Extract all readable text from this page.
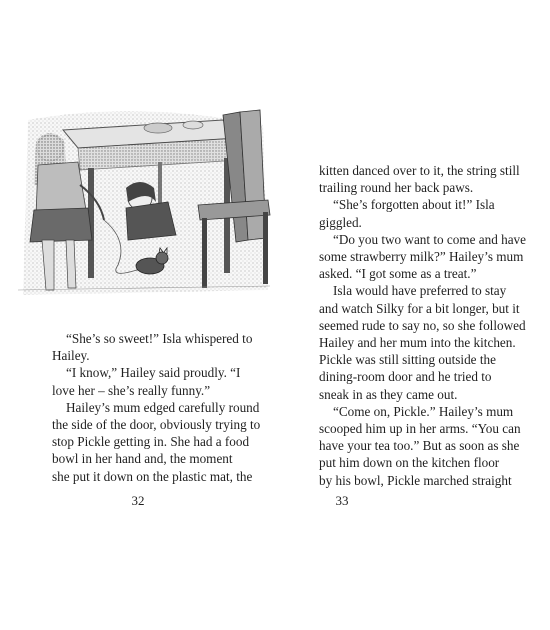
“She’s so sweet!” Isla whispered to

Hailey.

“I know,” Hailey said proudly. “I

love her – she’s really funny.”

Hailey’s mum edged carefully round

the side of the door, obviously trying to

stop Pickle getting in. She had a food

bowl in her hand and, the moment

she put it down on the plastic mat, the

32

kitten danced over to it, the string still

trailing round her back paws.

“She’s forgotten about it!” Isla

giggled.

“Do you two want to come and have

some strawberry milk?” Hailey’s mum

asked. “I got some as a treat.”

Isla would have preferred to stay

and watch Silky for a bit longer, but it

seemed rude to say no, so she followed

Hailey and her mum into the kitchen.

Pickle was still sitting outside the

dining-room door and he tried to

sneak in as they came out.

“Come on, Pickle.” Hailey’s mum

scooped him up in her arms. “You can

have your tea too.” But as soon as she

put him down on the kitchen floor

by his bowl, Pickle marched straight

33
